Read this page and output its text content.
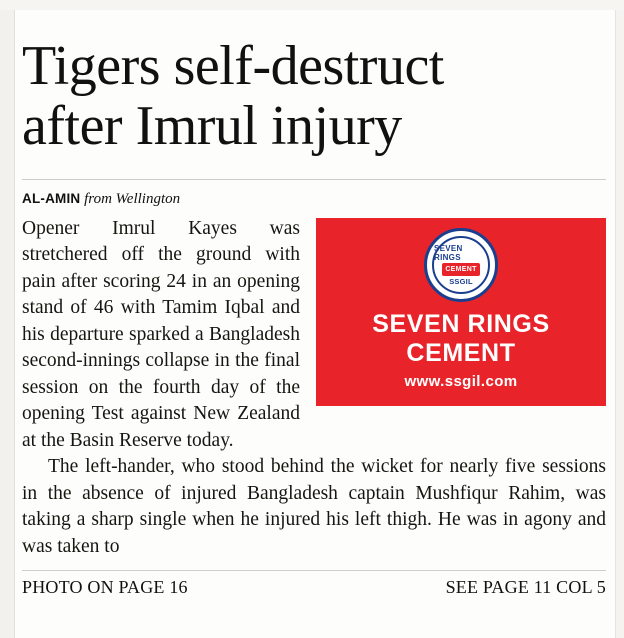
Tigers self-destruct
after Imrul injury
AL-AMIN from Wellington
SEVEN RINGS
CEMENT
SSGIL
SEVEN RINGS
CEMENT
www.ssgil.com

Opener Imrul Kayes was stretchered off the ground with pain after scoring 24 in an opening stand of 46 with Tamim Iqbal and his departure sparked a Bangladesh second-innings collapse in the final session on the fourth day of the opening Test against New Zealand at the Basin Reserve today.

The left-hander, who stood behind the wicket for nearly five sessions in the absence of injured Bangladesh captain Mushfiqur Rahim, was taking a sharp single when he injured his left thigh. He was in agony and was taken to

PHOTO ON PAGE 16	SEE PAGE 11 COL 5
